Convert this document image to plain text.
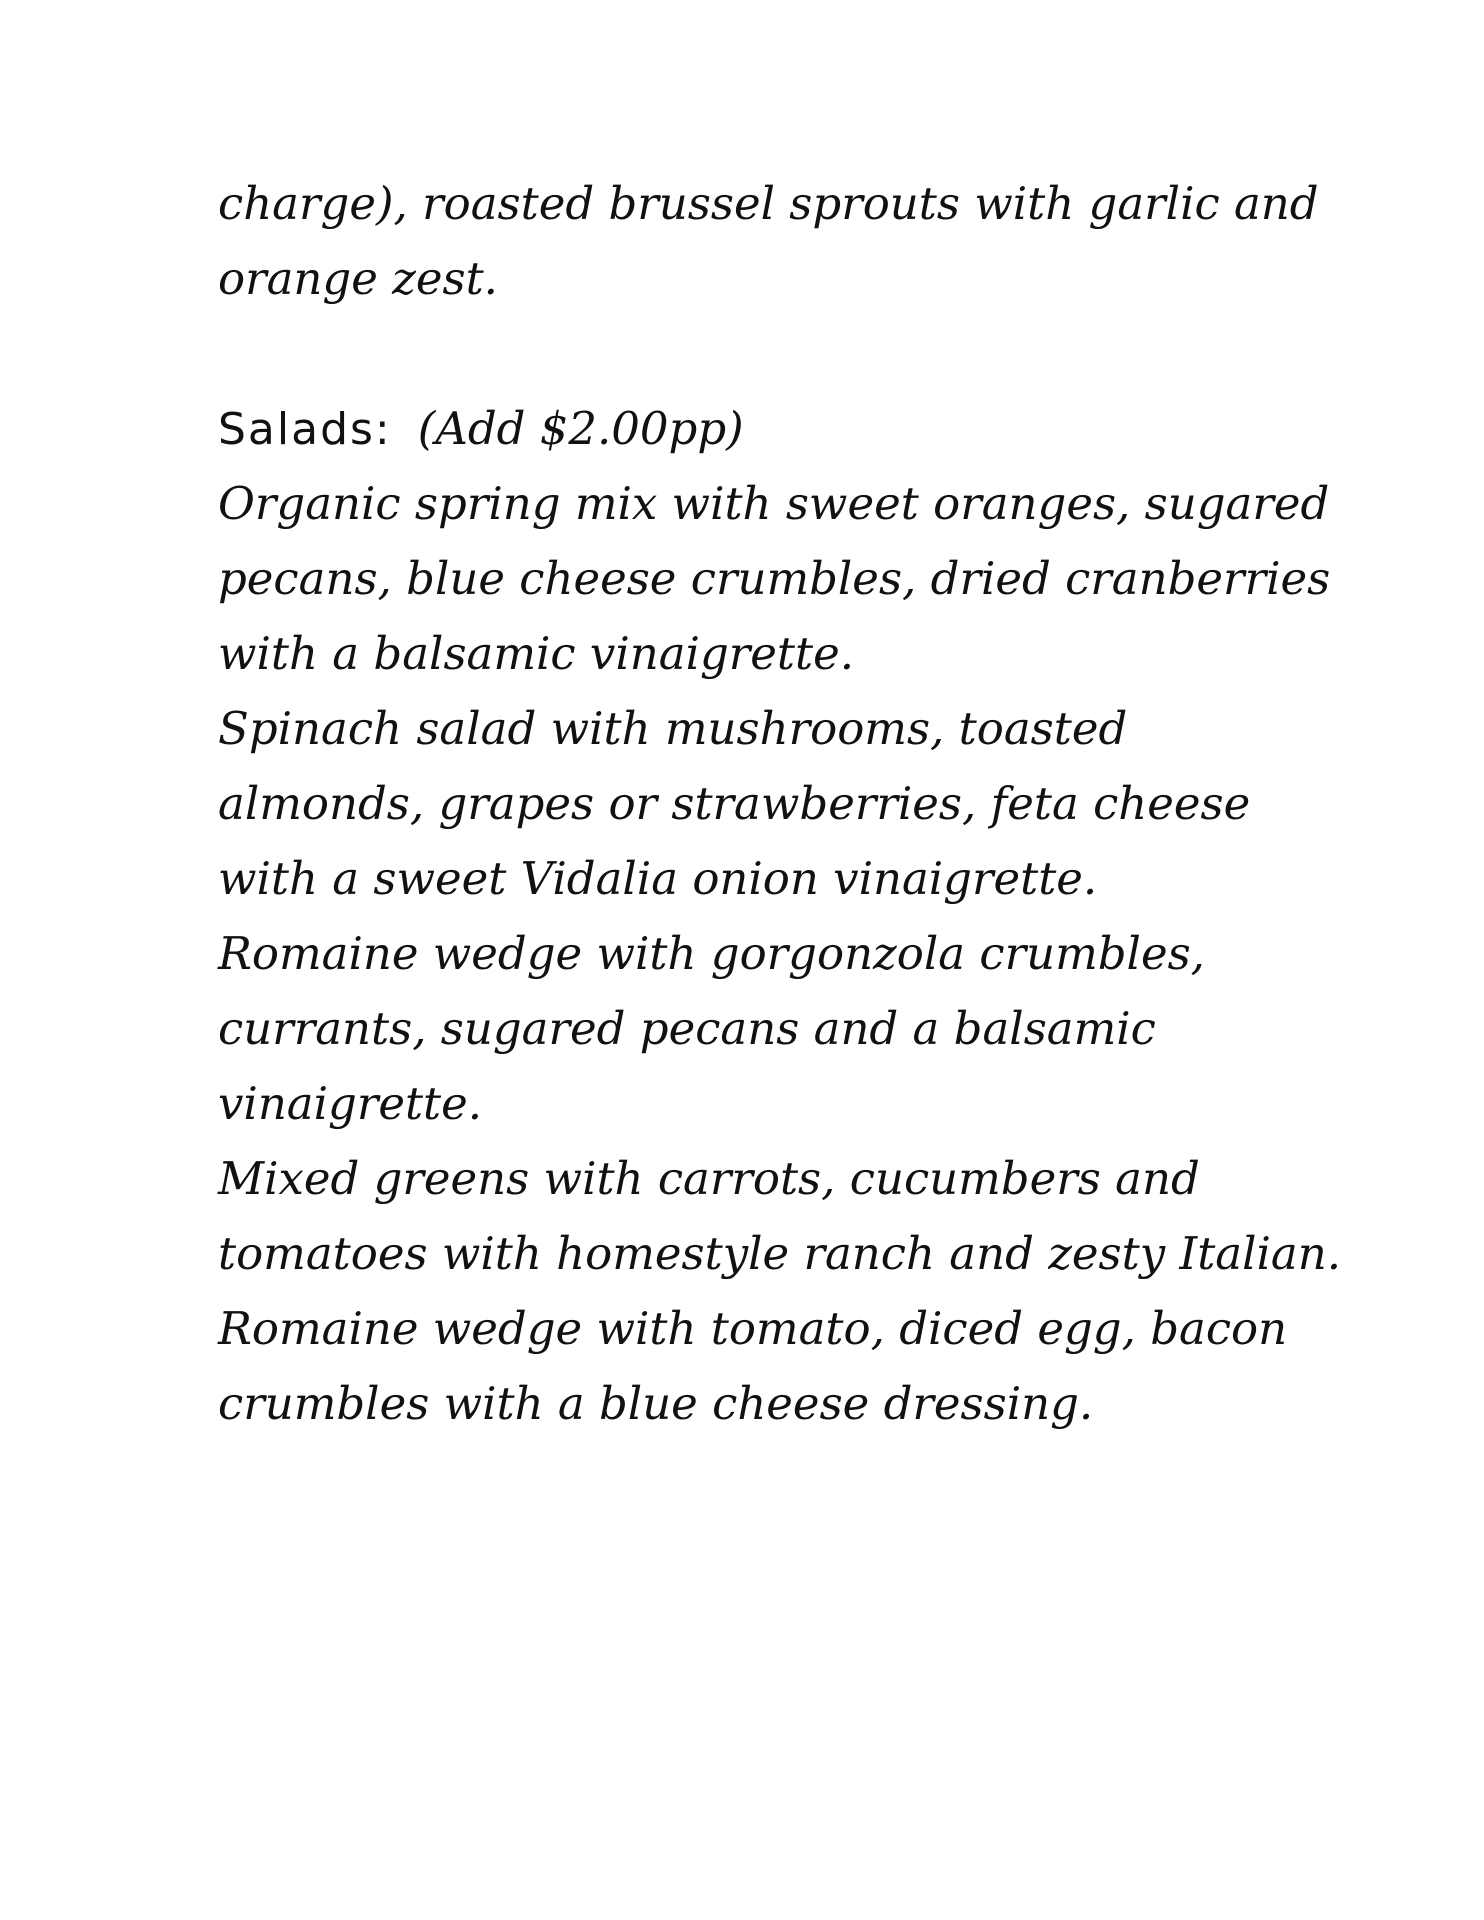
charge), roasted brussel sprouts with garlic and
orange zest.
Salads: (Add $2.00pp)
Organic spring mix with sweet oranges, sugared
pecans, blue cheese crumbles, dried cranberries
with a balsamic vinaigrette.
Spinach salad with mushrooms, toasted
almonds, grapes or strawberries, feta cheese
with a sweet Vidalia onion vinaigrette.
Romaine wedge with gorgonzola crumbles,
currants, sugared pecans and a balsamic
vinaigrette.
Mixed greens with carrots, cucumbers and
tomatoes with homestyle ranch and zesty Italian.
Romaine wedge with tomato, diced egg, bacon
crumbles with a blue cheese dressing.
